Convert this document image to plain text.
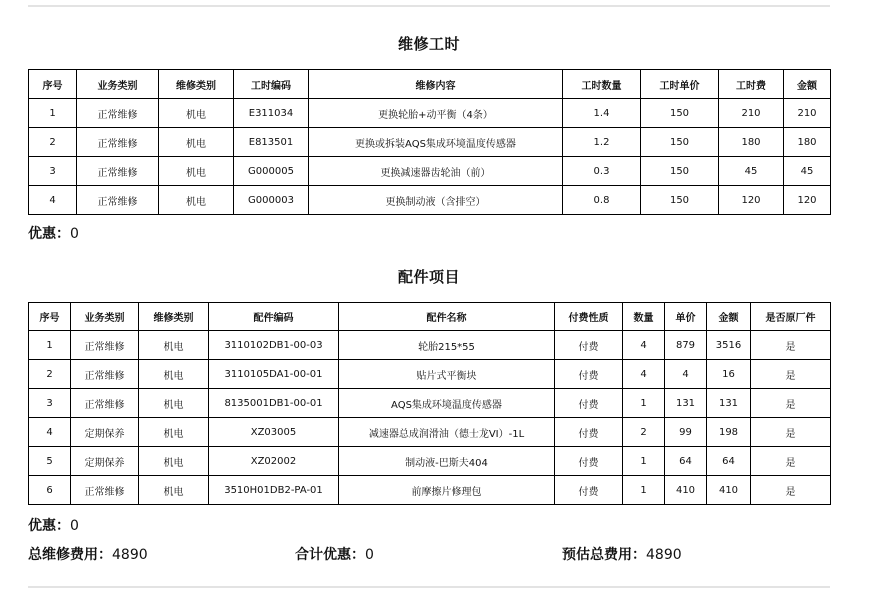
维修工时
序号	业务类别	维修类别	工时编码	维修内容	工时数量	工时单价	工时费	金额
1	正常维修	机电	E311034	更换轮胎+动平衡（4条）	1.4	150	210	210
2	正常维修	机电	E813501	更换或拆装AQS集成环境温度传感器	1.2	150	180	180
3	正常维修	机电	G000005	更换减速器齿轮油（前）	0.3	150	45	45
4	正常维修	机电	G000003	更换制动液（含排空）	0.8	150	120	120
优惠：0
配件项目
序号	业务类别	维修类别	配件编码	配件名称	付费性质	数量	单价	金额	是否原厂件
1	正常维修	机电	3110102DB1-00-03	轮胎215*55	付费	4	879	3516	是
2	正常维修	机电	3110105DA1-00-01	贴片式平衡块	付费	4	4	16	是
3	正常维修	机电	8135001DB1-00-01	AQS集成环境温度传感器	付费	1	131	131	是
4	定期保养	机电	XZ03005	减速器总成润滑油（德士龙VI）-1L	付费	2	99	198	是
5	定期保养	机电	XZ02002	制动液-巴斯夫404	付费	1	64	64	是
6	正常维修	机电	3510H01DB2-PA-01	前摩擦片修理包	付费	1	410	410	是
优惠：0
总维修费用：4890	合计优惠：0	预估总费用：4890
